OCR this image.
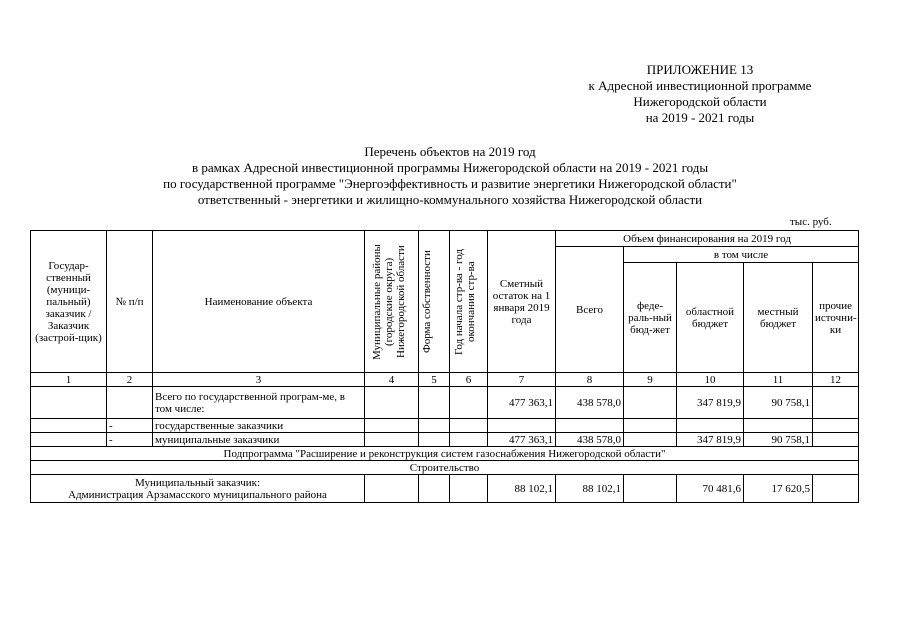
ПРИЛОЖЕНИЕ 13
к Адресной инвестиционной программе
Нижегородской области
на 2019 - 2021 годы
Перечень объектов на 2019 год
в рамках Адресной инвестиционной программы Нижегородской области на 2019 - 2021 годы
по государственной программе "Энергоэффективность и развитие энергетики Нижегородской области"
ответственный - энергетики и жилищно-коммунального хозяйства Нижегородской области
тыс. руб.
Государ-ственный (муници-пальный) заказчик / Заказчик (застрой-щик)	№ п/п	Наименование объекта	Муниципальные районы (городские округа) Нижегородской области	Форма собственности	Год начала стр-ва - год окончания стр-ва	Сметный остаток на 1 января 2019 года	Объем финансирования на 2019 год				
							Всего	в том числе			
								феде-раль-ный бюд-жет	областной бюджет	местный бюджет	прочие источни-ки
1	2	3	4	5	6	7	8	9	10	11	12
		Всего по государственной програм-ме, в том числе:				477 363,1	438 578,0		347 819,9	90 758,1	
	-	государственные заказчики									
	-	муниципальные заказчики				477 363,1	438 578,0		347 819,9	90 758,1	
Подпрограмма "Расширение и реконструкция систем газоснабжения Нижегородской области"											
Строительство											

Муниципальный заказчик:
Администрация Арзамасского муниципального района						88 102,1	88 102,1		70 481,6	17 620,5	
